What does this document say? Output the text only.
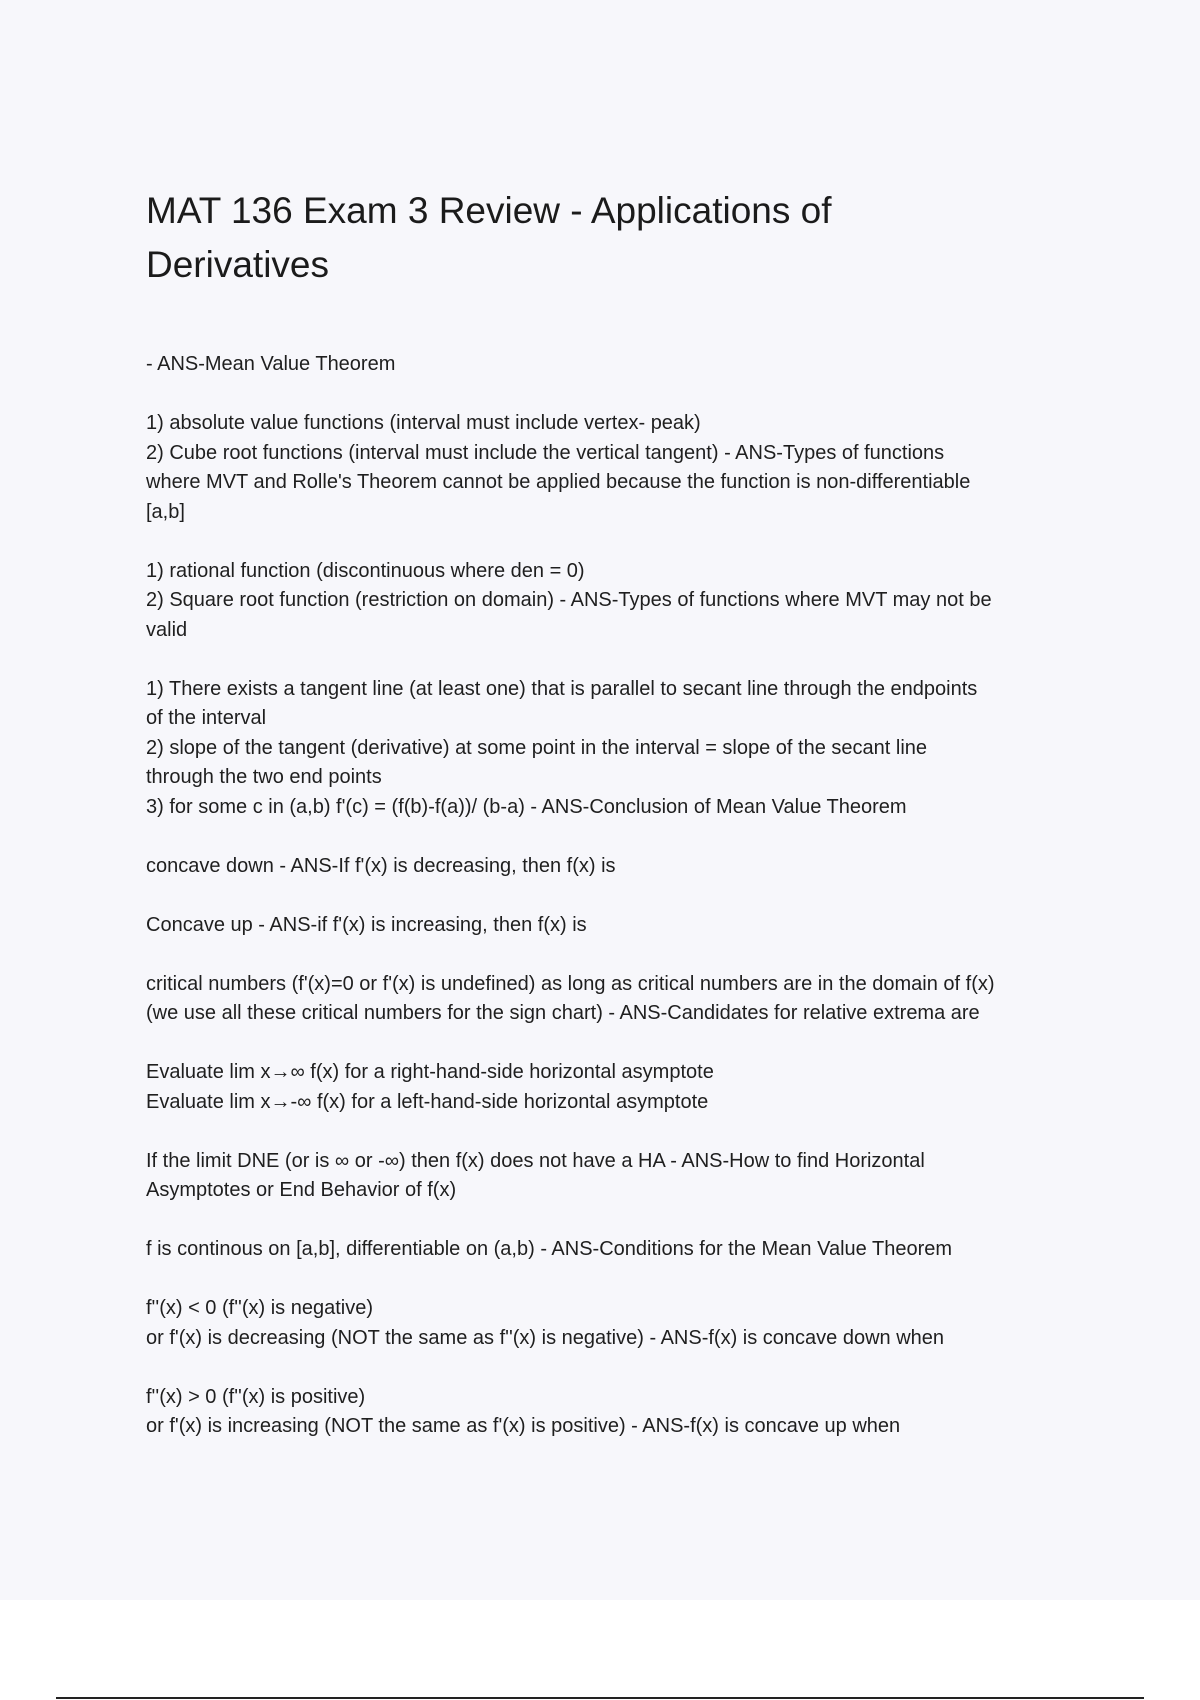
MAT 136 Exam 3 Review - Applications of
Derivatives
- ANS-Mean Value Theorem
1) absolute value functions (interval must include vertex- peak)
2) Cube root functions (interval must include the vertical tangent) - ANS-Types of functions
where MVT and Rolle's Theorem cannot be applied because the function is non-differentiable
[a,b]
1) rational function (discontinuous where den = 0)
2) Square root function (restriction on domain) - ANS-Types of functions where MVT may not be
valid
1) There exists a tangent line (at least one) that is parallel to secant line through the endpoints
of the interval
2) slope of the tangent (derivative) at some point in the interval = slope of the secant line
through the two end points
3) for some c in (a,b) f'(c) = (f(b)-f(a))/ (b-a) - ANS-Conclusion of Mean Value Theorem
concave down - ANS-If f'(x) is decreasing, then f(x) is
Concave up - ANS-if f'(x) is increasing, then f(x) is
critical numbers (f'(x)=0 or f'(x) is undefined) as long as critical numbers are in the domain of f(x)
(we use all these critical numbers for the sign chart) - ANS-Candidates for relative extrema are
Evaluate lim x→∞ f(x) for a right-hand-side horizontal asymptote
Evaluate lim x→-∞ f(x) for a left-hand-side horizontal asymptote
If the limit DNE (or is ∞ or -∞) then f(x) does not have a HA - ANS-How to find Horizontal
Asymptotes or End Behavior of f(x)
f is continous on [a,b], differentiable on (a,b) - ANS-Conditions for the Mean Value Theorem
f''(x) < 0 (f''(x) is negative)
or f'(x) is decreasing (NOT the same as f''(x) is negative) - ANS-f(x) is concave down when
f''(x) > 0 (f''(x) is positive)
or f'(x) is increasing (NOT the same as f'(x) is positive) - ANS-f(x) is concave up when
